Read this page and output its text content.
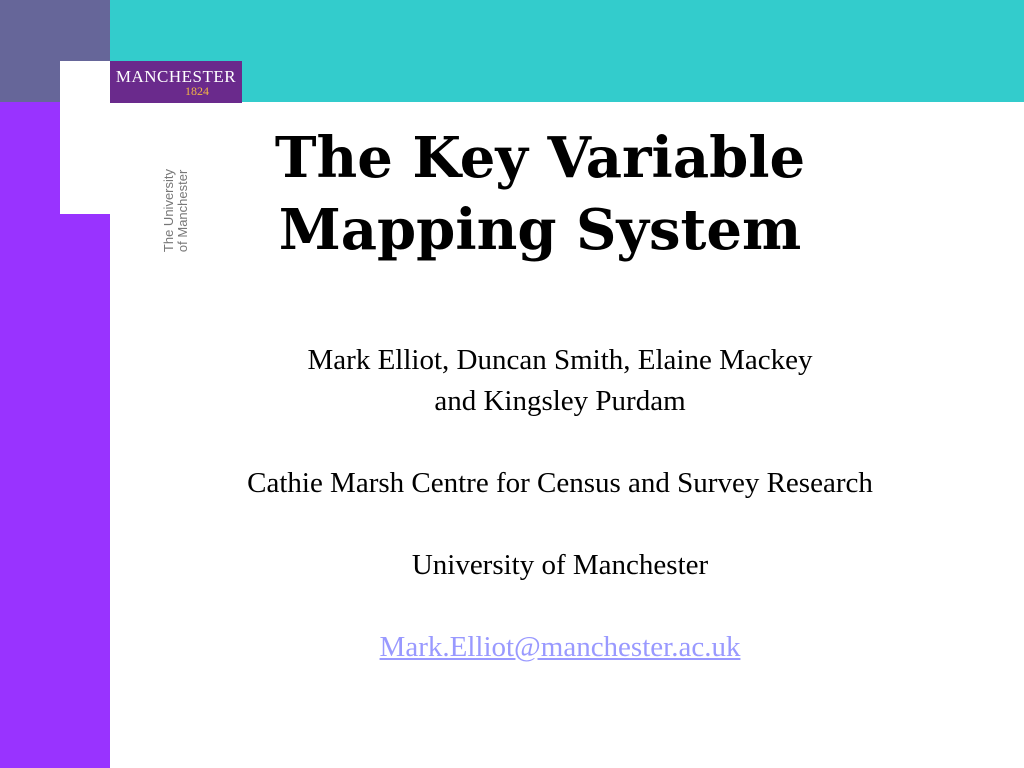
The University of Manchester
MANCHESTER
1824
The Key Variable
Mapping System
Mark Elliot, Duncan Smith, Elaine Mackey
and Kingsley Purdam
Cathie Marsh Centre for Census and Survey Research
University of Manchester
Mark.Elliot@manchester.ac.uk
